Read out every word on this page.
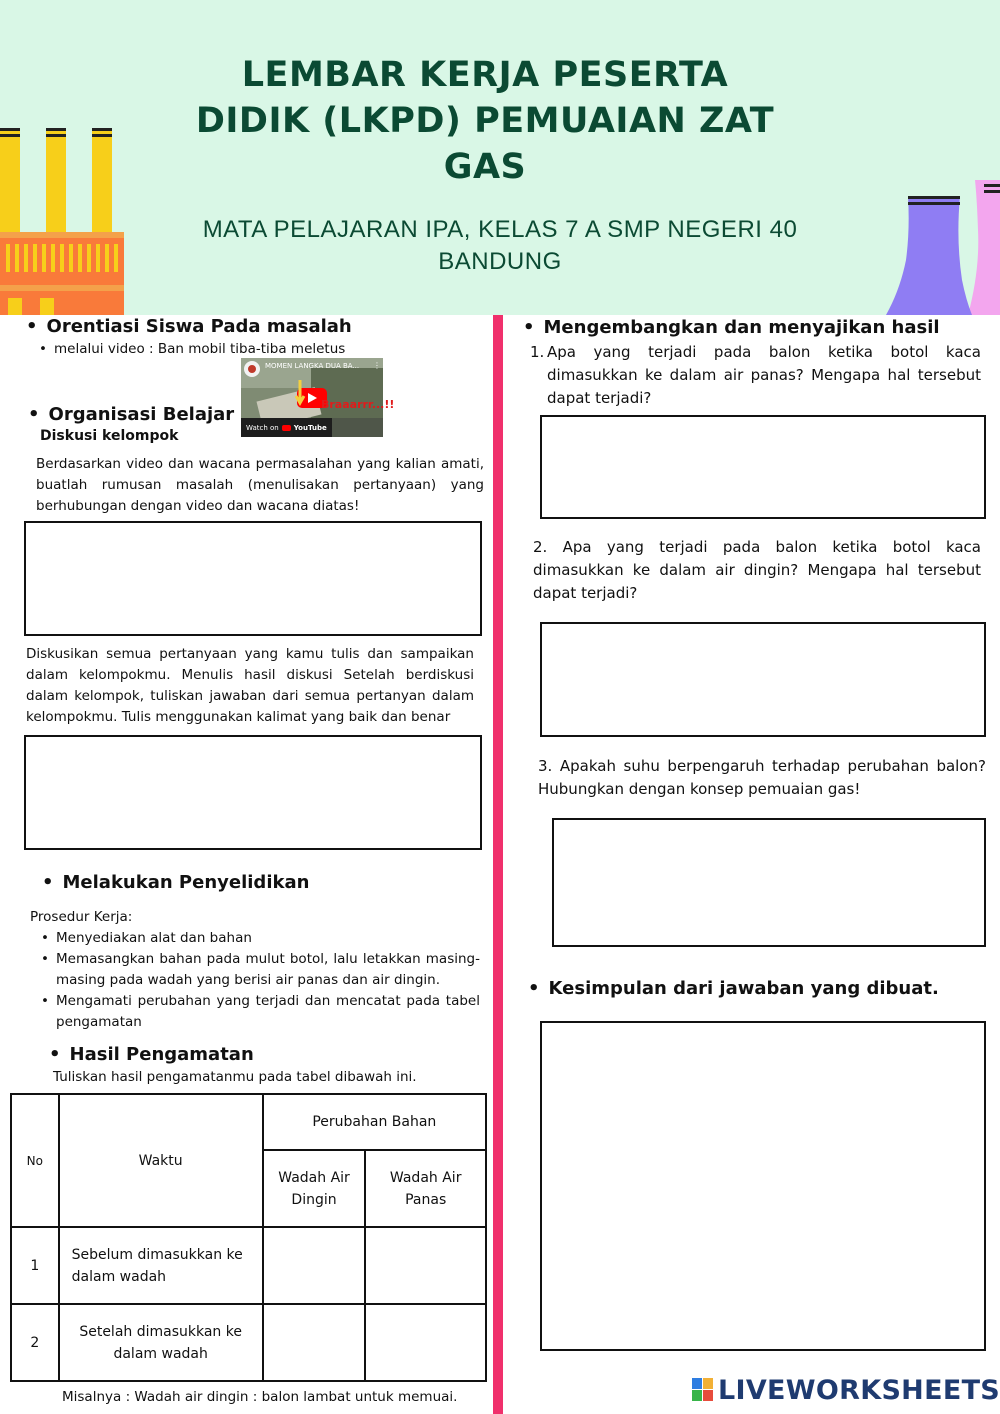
LEMBAR KERJA PESERTA
DIDIK (LKPD) PEMUAIAN ZAT
GAS
MATA PELAJARAN IPA, KELAS 7 A SMP NEGERI 40
BANDUNG
• Orentiasi Siswa Pada masalah
• melalui video : Ban mobil tiba-tiba meletus
MOMEN LANGKA DUA BA... ⋮
Braaarrr...!!
Watch on YouTube
• Organisasi Belajar
Diskusi kelompok
Berdasarkan video dan wacana permasalahan yang kalian amati, buatlah rumusan masalah (menulisakan pertanyaan) yang berhubungan dengan video dan wacana diatas!
Diskusikan semua pertanyaan yang kamu tulis dan sampaikan dalam kelompokmu. Menulis hasil diskusi Setelah berdiskusi dalam kelompok, tuliskan jawaban dari semua pertanyan dalam kelompokmu. Tulis menggunakan kalimat yang baik dan benar
• Melakukan Penyelidikan
Prosedur Kerja:
• Menyediakan alat dan bahan
• Memasangkan bahan pada mulut botol, lalu letakkan masing-masing pada wadah yang berisi air panas dan air dingin.
• Mengamati perubahan yang terjadi dan mencatat pada tabel pengamatan
• Hasil Pengamatan
Tuliskan hasil pengamatanmu pada tabel dibawah ini.
No	Waktu	Perubahan Bahan	
		Wadah Air Dingin	Wadah Air Panas
1	Sebelum dimasukkan ke dalam wadah		
2	Setelah dimasukkan ke dalam wadah		
Misalnya : Wadah air dingin : balon lambat untuk memuai.
• Mengembangkan dan menyajikan hasil
1. Apa yang terjadi pada balon ketika botol kaca dimasukkan ke dalam air panas? Mengapa hal tersebut dapat terjadi?
2. Apa yang terjadi pada balon ketika botol kaca dimasukkan ke dalam air dingin? Mengapa hal tersebut dapat terjadi?
3. Apakah suhu berpengaruh terhadap perubahan balon? Hubungkan dengan konsep pemuaian gas!
• Kesimpulan dari jawaban yang dibuat.
LIVEWORKSHEETS
